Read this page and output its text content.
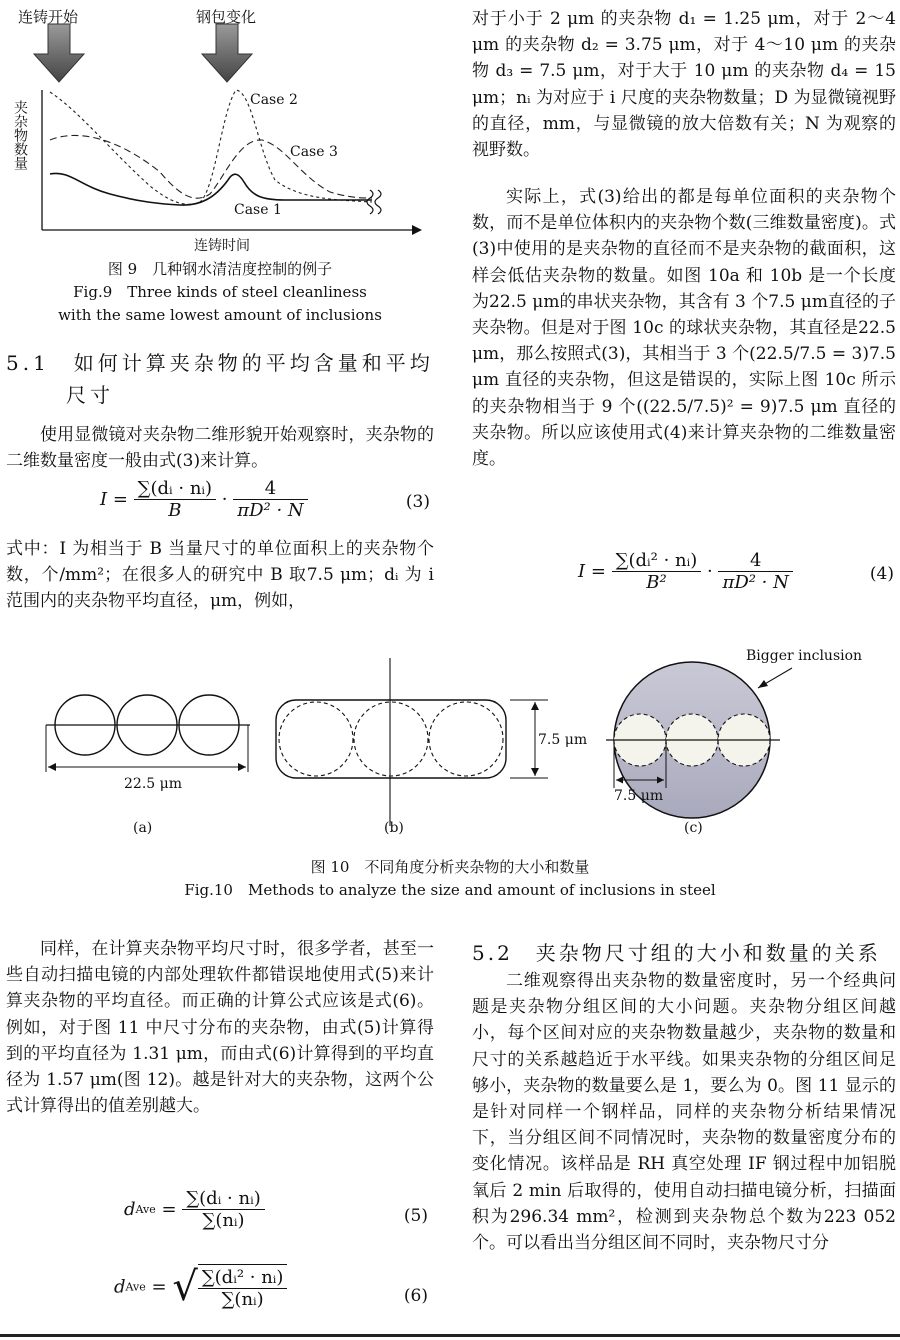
连铸开始	钢包变化
夹杂物数量
连铸时间
Case 2
Case 3
Case 1
图 9　几种钢水清洁度控制的例子
Fig.9　Three kinds of steel cleanliness
with the same lowest amount of inclusions
5.1　如何计算夹杂物的平均含量和平均
尺寸

使用显微镜对夹杂物二维形貌开始观察时，夹杂物的二维数量密度一般由式(3)来计算。

$I = \frac{\text{∑(dᵢ · nᵢ)}}{B} \cdot \frac{4}{\text{πD² · N}}$	(3)

式中：I 为相当于 B 当量尺寸的单位面积上的夹杂物个数，个/mm²；在很多人的研究中 B 取7.5 μm；dᵢ 为 i 范围内的夹杂物平均直径，μm，例如，

对于小于 2 μm 的夹杂物 d₁ = 1.25 μm，对于 2～4 μm 的夹杂物 d₂ = 3.75 μm，对于 4～10 μm 的夹杂物 d₃ = 7.5 μm，对于大于 10 μm 的夹杂物 d₄ = 15 μm；nᵢ 为对应于 i 尺度的夹杂物数量；D 为显微镜视野的直径，mm，与显微镜的放大倍数有关；N 为观察的视野数。

实际上，式(3)给出的都是每单位面积的夹杂物个数，而不是单位体积内的夹杂物个数(三维数量密度)。式(3)中使用的是夹杂物的直径而不是夹杂物的截面积，这样会低估夹杂物的数量。如图 10a 和 10b 是一个长度为22.5 μm的串状夹杂物，其含有 3 个7.5 μm直径的子夹杂物。但是对于图 10c 的球状夹杂物，其直径是22.5 μm，那么按照式(3)，其相当于 3 个(22.5/7.5 = 3)7.5 μm 直径的夹杂物，但这是错误的，实际上图 10c 所示的夹杂物相当于 9 个((22.5/7.5)² = 9)7.5 μm 直径的夹杂物。所以应该使用式(4)来计算夹杂物的二维数量密度。

$I = \frac{\text{∑(dᵢ² · nᵢ)}}{\text{B²}} \cdot \frac{4}{\text{πD² · N}}$	(4)
22.5 μm
7.5 μm
7.5 μm
Bigger inclusion
(a)	(b)	(c)
图 10　不同角度分析夹杂物的大小和数量
Fig.10　Methods to analyze the size and amount of inclusions in steel

同样，在计算夹杂物平均尺寸时，很多学者，甚至一些自动扫描电镜的内部处理软件都错误地使用式(5)来计算夹杂物的平均直径。而正确的计算公式应该是式(6)。例如，对于图 11 中尺寸分布的夹杂物，由式(5)计算得到的平均直径为 1.31 μm，而由式(6)计算得到的平均直径为 1.57 μm(图 12)。越是针对大的夹杂物，这两个公式计算得出的值差别越大。

dAve = $\frac{\text{∑(dᵢ · nᵢ)}}{\text{∑(nᵢ)}}$	(5)
dAve = √ $\frac{\text{∑(dᵢ² · nᵢ)}}{\text{∑(nᵢ)}}$	(6)
5.2　夹杂物尺寸组的大小和数量的关系

二维观察得出夹杂物的数量密度时，另一个经典问题是夹杂物分组区间的大小问题。夹杂物分组区间越小，每个区间对应的夹杂物数量越少，夹杂物的数量和尺寸的关系越趋近于水平线。如果夹杂物的分组区间足够小，夹杂物的数量要么是 1，要么为 0。图 11 显示的是针对同样一个钢样品，同样的夹杂物分析结果情况下，当分组区间不同情况时，夹杂物的数量密度分布的变化情况。该样品是 RH 真空处理 IF 钢过程中加铝脱氧后 2 min 后取得的，使用自动扫描电镜分析，扫描面积为296.34 mm²，检测到夹杂物总个数为223 052 个。可以看出当分组区间不同时，夹杂物尺寸分
